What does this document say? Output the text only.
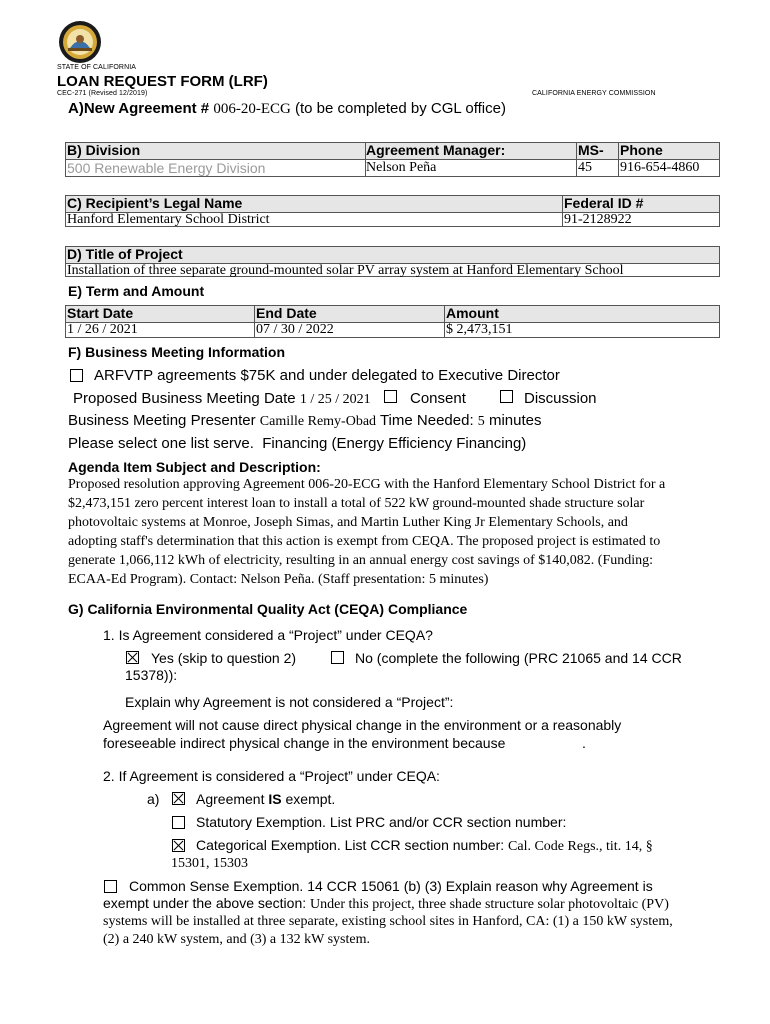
STATE OF CALIFORNIA
LOAN REQUEST FORM (LRF)
CEC-271 (Revised 12/2019)	CALIFORNIA ENERGY COMMISSION
A)New Agreement # 006-20-ECG (to be completed by CGL office)
B) Division	Agreement Manager:	MS- Phone
500 Renewable Energy Division	Nelson Peña	45 916-654-4860
C) Recipient’s Legal Name	Federal ID #
Hanford Elementary School District	91-2128922
D) Title of Project
Installation of three separate ground-mounted solar PV array system at Hanford Elementary School
E) Term and Amount
Start Date	End Date	Amount
1 / 26 / 2021	07 / 30 / 2022	$ 2,473,151
F) Business Meeting Information
ARFVTP agreements $75K and under delegated to Executive Director
Proposed Business Meeting Date 1 / 25 / 2021	Consent	Discussion
Business Meeting Presenter Camille Remy-Obad Time Needed: 5 minutes
Please select one list serve.  Financing (Energy Efficiency Financing)
Agenda Item Subject and Description:
Proposed resolution approving Agreement 006-20-ECG with the Hanford Elementary School District for a
$2,473,151 zero percent interest loan to install a total of 522 kW ground-mounted shade structure solar
photovoltaic systems at Monroe, Joseph Simas, and Martin Luther King Jr Elementary Schools, and
adopting staff's determination that this action is exempt from CEQA. The proposed project is estimated to
generate 1,066,112 kWh of electricity, resulting in an annual energy cost savings of $140,082. (Funding:
ECAA-Ed Program). Contact: Nelson Peña. (Staff presentation: 5 minutes)
G) California Environmental Quality Act (CEQA) Compliance
1. Is Agreement considered a “Project” under CEQA?
Yes (skip to question 2)	No (complete the following (PRC 21065 and 14 CCR
15378)):
Explain why Agreement is not considered a “Project”:
Agreement will not cause direct physical change in the environment or a reasonably
foreseeable indirect physical change in the environment because	.
2. If Agreement is considered a “Project” under CEQA:
a)	Agreement IS exempt.
Statutory Exemption. List PRC and/or CCR section number:
Categorical Exemption. List CCR section number: Cal. Code Regs., tit. 14, §
15301, 15303
Common Sense Exemption. 14 CCR 15061 (b) (3) Explain reason why Agreement is
exempt under the above section: Under this project, three shade structure solar photovoltaic (PV)
systems will be installed at three separate, existing school sites in Hanford, CA: (1) a 150 kW system,
(2) a 240 kW system, and (3) a 132 kW system.
